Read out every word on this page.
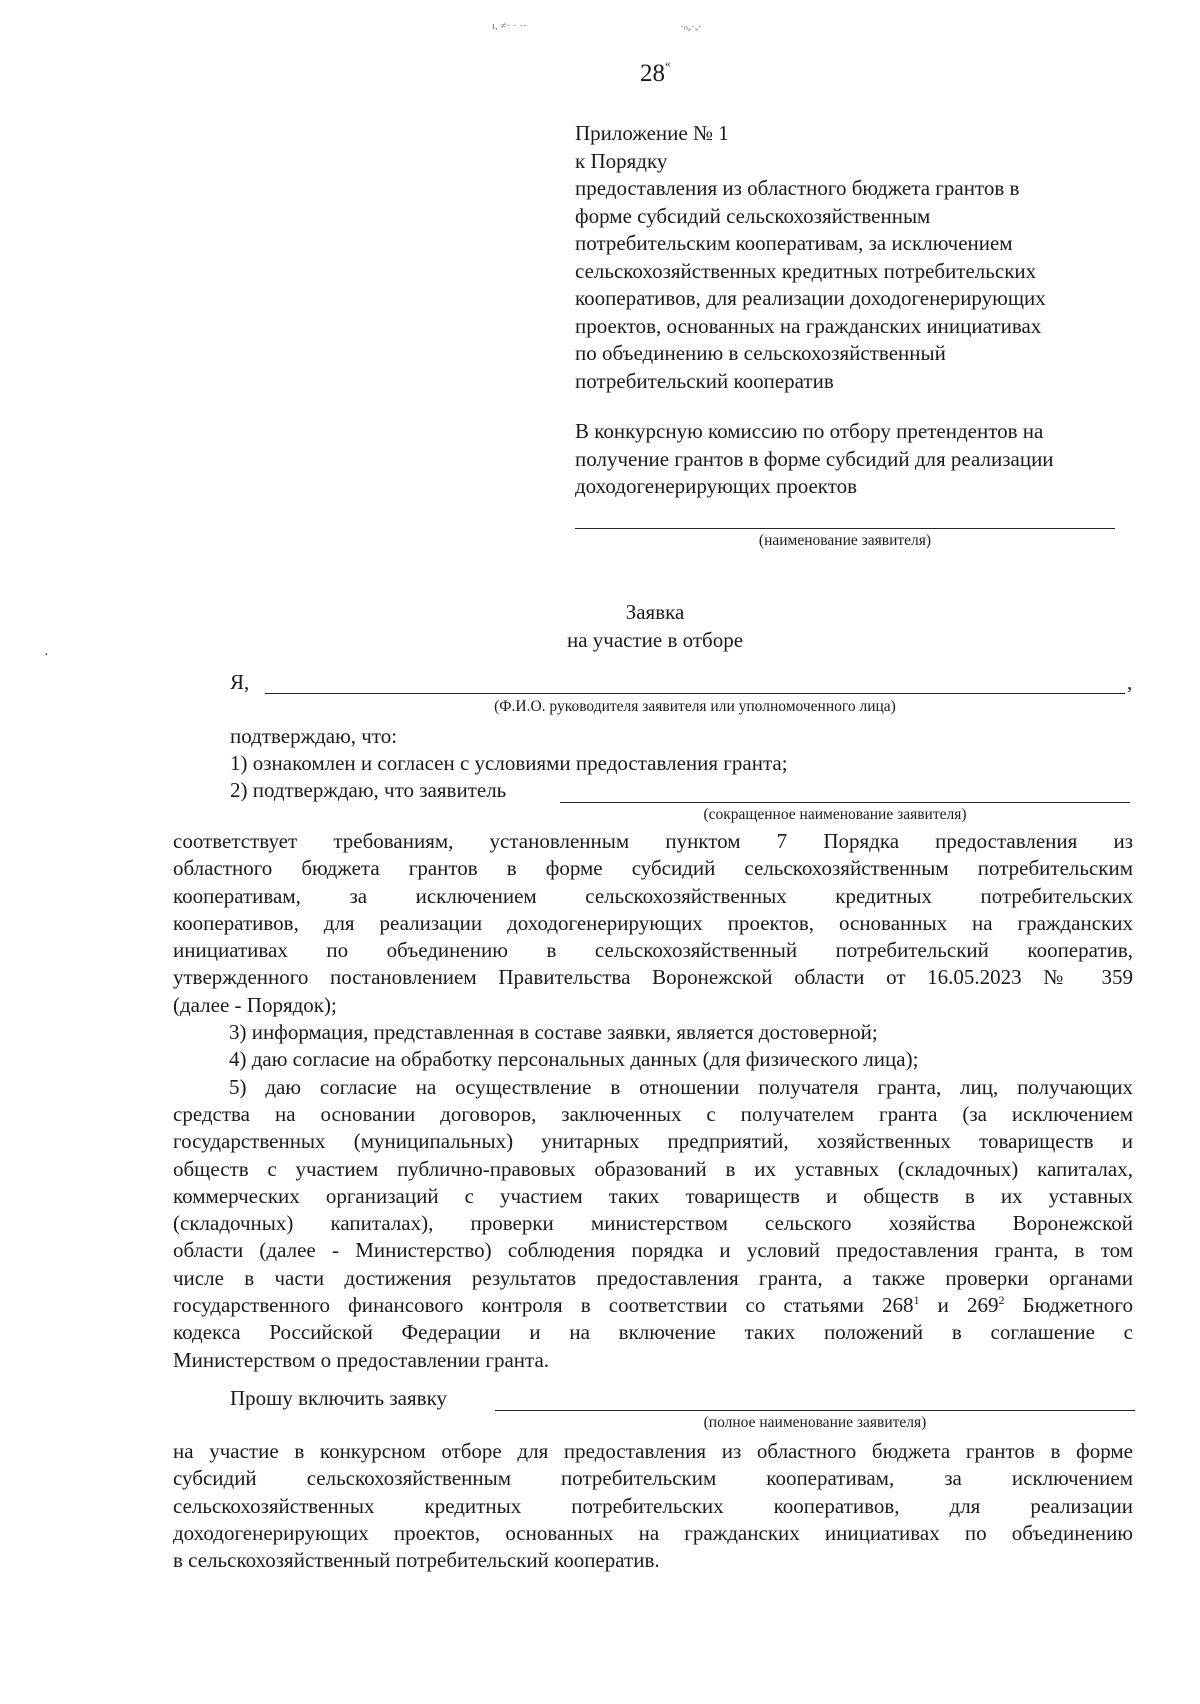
ı, ≠· · ··	·ₙₐ·ₓ·
28«
Приложение № 1
к Порядку
предоставления из областного бюджета грантов в
форме субсидий сельскохозяйственным
потребительским кооперативам, за исключением
сельскохозяйственных кредитных потребительских
кооперативов, для реализации доходогенерирующих
проектов, основанных на гражданских инициативах
по объединению в сельскохозяйственный
потребительский кооператив
В конкурсную комиссию по отбору претендентов на
получение грантов в форме субсидий для реализации
доходогенерирующих проектов
(наименование заявителя)
·
Заявка
на участие в отборе
Я,	,
(Ф.И.О. руководителя заявителя или уполномоченного лица)
подтверждаю, что:
1) ознакомлен и согласен с условиями предоставления гранта;
2) подтверждаю, что заявитель
(сокращенное наименование заявителя)
соответствует требованиям, установленным пунктом 7 Порядка предоставления из
областного бюджета грантов в форме субсидий сельскохозяйственным потребительским
кооперативам, за исключением сельскохозяйственных кредитных потребительских
кооперативов, для реализации доходогенерирующих проектов, основанных на гражданских
инициативах по объединению в сельскохозяйственный потребительский кооператив,
утвержденного постановлением Правительства Воронежской области от 16.05.2023 № 359
(далее - Порядок);
3) информация, представленная в составе заявки, является достоверной;
4) даю согласие на обработку персональных данных (для физического лица);
5) даю согласие на осуществление в отношении получателя гранта, лиц, получающих
средства на основании договоров, заключенных с получателем гранта (за исключением
государственных (муниципальных) унитарных предприятий, хозяйственных товариществ и
обществ с участием публично-правовых образований в их уставных (складочных) капиталах,
коммерческих организаций с участием таких товариществ и обществ в их уставных
(складочных) капиталах), проверки министерством сельского хозяйства Воронежской
области (далее - Министерство) соблюдения порядка и условий предоставления гранта, в том
числе в части достижения результатов предоставления гранта, а также проверки органами
государственного финансового контроля в соответствии со статьями $268^1$ и $269^2$ Бюджетного
кодекса Российской Федерации и на включение таких положений в соглашение с
Министерством о предоставлении гранта.
Прошу включить заявку
(полное наименование заявителя)
на участие в конкурсном отборе для предоставления из областного бюджета грантов в форме
субсидий сельскохозяйственным потребительским кооперативам, за исключением
сельскохозяйственных кредитных потребительских кооперативов, для реализации
доходогенерирующих проектов, основанных на гражданских инициативах по объединению
в сельскохозяйственный потребительский кооператив.
